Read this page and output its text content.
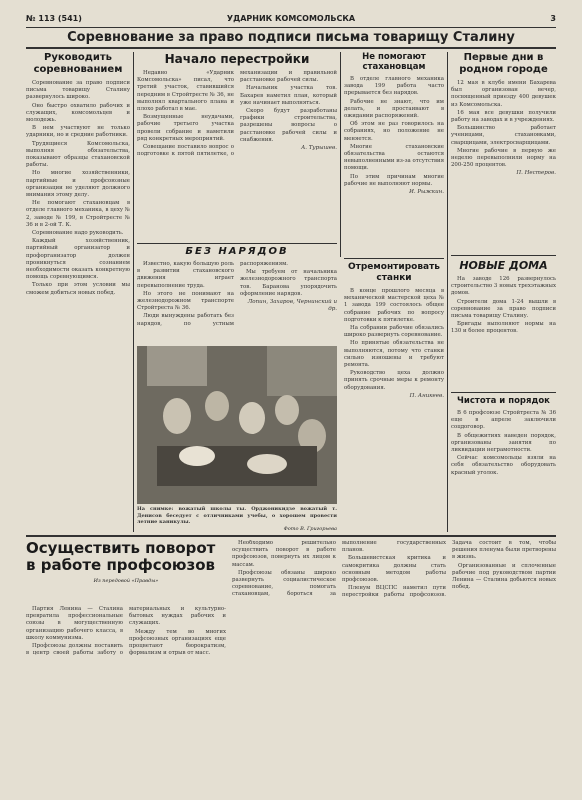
№ 113 (541)	УДАРНИК КОМСОМОЛЬСКА	3
Соревнование за право подписи письма товарищу Сталину
Руководить соревнованием

Соревнование за право подписи письма товарищу Сталину развернулось широко.

Оно быстро охватило рабочих и служащих, комсомольцев и молодежь.

В нем участвуют не только ударники, но и средние работники.

Трудящиеся Комсомольска, выполняя обязательства, показывают образцы стахановской работы.

Но многие хозяйственники, партийные и профсоюзные организации не уделяют должного внимания этому делу.

Не помогают стахановцам в отделе главного механика, в цеху № 2, заводе № 199, в Стройтресте № 36 и в 2-ой Т. К.

Соревнование надо руководить.

Каждый хозяйственник, партийный организатор и профорганизатор должен проникнуться сознанием необходимости оказать конкретную помощь соревнующимся.

Только при этом условии мы сможем добиться новых побед.

Начало перестройки

Недавно «Ударник Комсомольска» писал, что третий участок, ставившийся передним в Стройтресте № 36, не выполнял квартального плана и плохо работал в мае.

Возмущенные неудачами, рабочие третьего участка провели собрание и наметили ряд конкретных мероприятий.

Совещание поставило вопрос о подготовке к пятой пятилетке, о механизации и правильной расстановке рабочей силы.

Начальник участка тов. Бахарев наметил план, который уже начинает выполняться.

Скоро будут разработаны графики строительства, разрешены вопросы о расстановке рабочей силы и снабжения.

А. Турышев.
Не помогают стахановцам

В отделе главного механика завода 199 работа часто прерывается без нарядов.

Рабочие не знают, что им делать, и простаивают в ожидании распоряжений.

Об этом не раз говорилось на собраниях, но положение не меняется.

Многие стахановские обязательства остаются невыполненными из-за отсутствия помощи.

По этим причинам многие рабочие не выполняют нормы.

И. Рыжкин.
Первые дни в родном городе

12 мая в клубе имени Бахарева был организован вечер, посвященный приезду 400 девушек из Комсомольска.

16 мая все девушки получили работу на заводах и в учреждениях.

Большинство работает ученицами, стахановками, сварщицами, электросварщицами.

Многие рабочие в первую же неделю перевыполнили норму на 200-250 процентов.

П. Нестеров.
БЕЗ НАРЯДОВ

Известно, какую большую роль в развитии стахановского движения играет перевыполнение труда.

Но этого не понимают на железнодорожном транспорте Стройтреста № 36.

Люди вынуждены работать без нарядов, по устным распоряжениям.

Мы требуем от начальника железнодорожного транспорта тов. Баранова упорядочить оформление нарядов.

Лопин, Захаров, Чернинский и др.
На снимке: вожатый школы ты. Орджоникидзе вожатый т. Денисов беседует с отличниками учебы, о хорошем провести летние каникулы.
Фото В. Григорьева
Отремонтировать станки

В конце прошлого месяца в механической мастерской цеха № 1 завода 199 состоялось общее собрание рабочих по вопросу подготовки к пятилетке.

На собрании рабочие обязались широко развернуть соревнование.

Но принятые обязательства не выполняются, потому что станки сильно изношены и требуют ремонта.

Руководство цеха должно принять срочные меры к ремонту оборудования.

П. Аникеев.
НОВЫЕ ДОМА

На заводе 126 развернулось строительство 3 новых трехэтажных домов.

Строители дома 1-24 вышли в соревнование за право подписи письма товарищу Сталину.

Бригады выполняют нормы на 130 и более процентов.

Чистота и порядок

В 6 профсоюзе Стройтреста № 36 еще в апреле заключили соцдоговор.

В общежитиях наведен порядок, организованы занятия по ликвидации неграмотности.

Сейчас комсомольцы взяли на себя обязательство оборудовать красный уголок.

Осуществить поворот в работе профсоюзов
Из передовой «Правды»

Партия Ленина — Сталина превратила профессиональные союзы в могущественную организацию рабочего класса, в школу коммунизма.

Профсоюзы должны поставить в центр своей работы заботу о материальных и культурно-бытовых нуждах рабочих и служащих.

Между тем во многих профсоюзных организациях еще процветают бюрократизм, формализм и отрыв от масс.

Необходимо решительно осуществить поворот в работе профсоюзов, повернуть их лицом к массам.

Профсоюзы обязаны широко развернуть социалистическое соревнование, помогать стахановцам, бороться за выполнение государственных планов.

Большевистская критика и самокритика должны стать основным методом работы профсоюзов.

Пленум ВЦСПС наметил пути перестройки работы профсоюзов. Задача состоит в том, чтобы решения пленума были претворены в жизнь.

Организованные и сплоченные рабочие под руководством партии Ленина — Сталина добьются новых побед.
